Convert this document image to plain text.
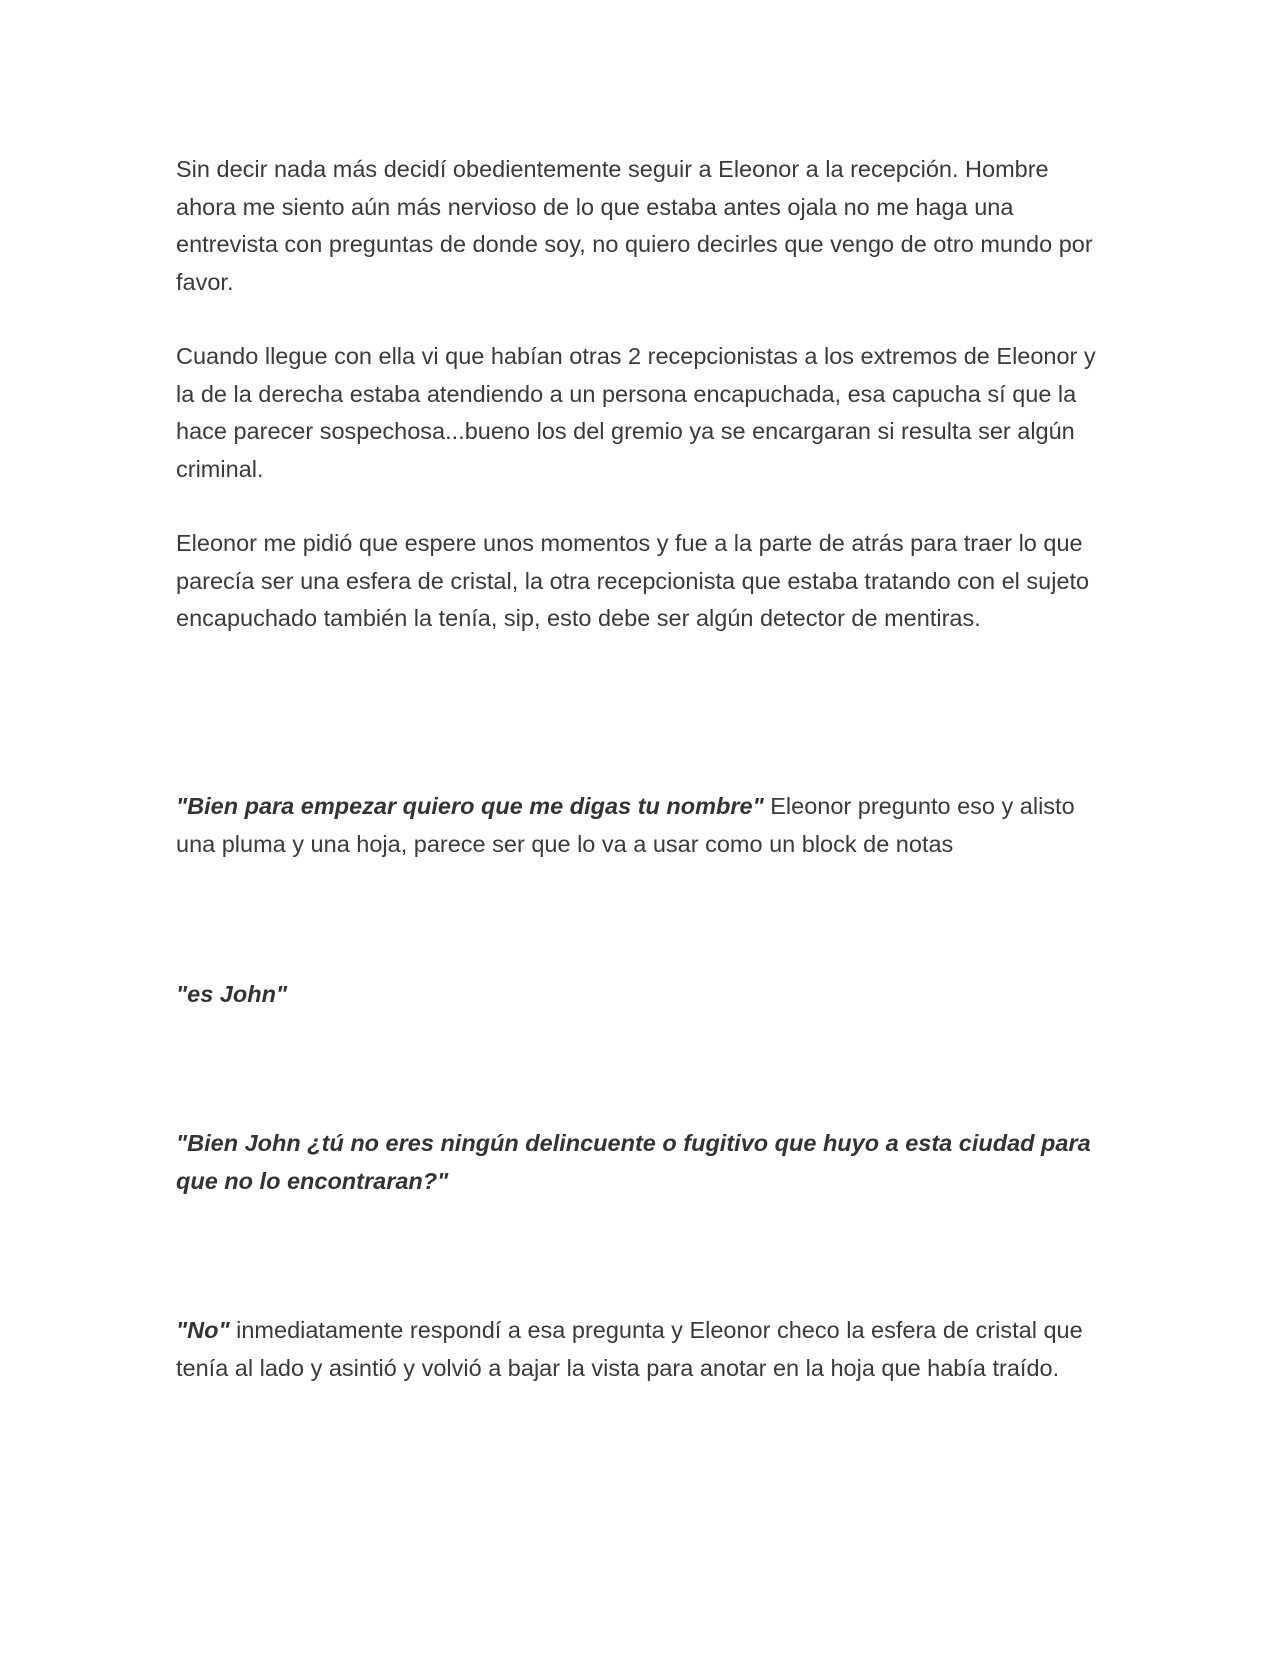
Sin decir nada más decidí obedientemente seguir a Eleonor a la recepción. Hombre ahora me siento aún más nervioso de lo que estaba antes ojala no me haga una entrevista con preguntas de donde soy, no quiero decirles que vengo de otro mundo por favor.

Cuando llegue con ella vi que habían otras 2 recepcionistas a los extremos de Eleonor y la de la derecha estaba atendiendo a un persona encapuchada, esa capucha sí que la hace parecer sospechosa...bueno los del gremio ya se encargaran si resulta ser algún criminal.

Eleonor me pidió que espere unos momentos y fue a la parte de atrás para traer lo que parecía ser una esfera de cristal, la otra recepcionista que estaba tratando con el sujeto encapuchado también la tenía, sip, esto debe ser algún detector de mentiras.

"Bien para empezar quiero que me digas tu nombre" Eleonor pregunto eso y alisto una pluma y una hoja, parece ser que lo va a usar como un block de notas

"es John"

"Bien John ¿tú no eres ningún delincuente o fugitivo que huyo a esta ciudad para que no lo encontraran?"

"No" inmediatamente respondí a esa pregunta y Eleonor checo la esfera de cristal que tenía al lado y asintió y volvió a bajar la vista para anotar en la hoja que había traído.
